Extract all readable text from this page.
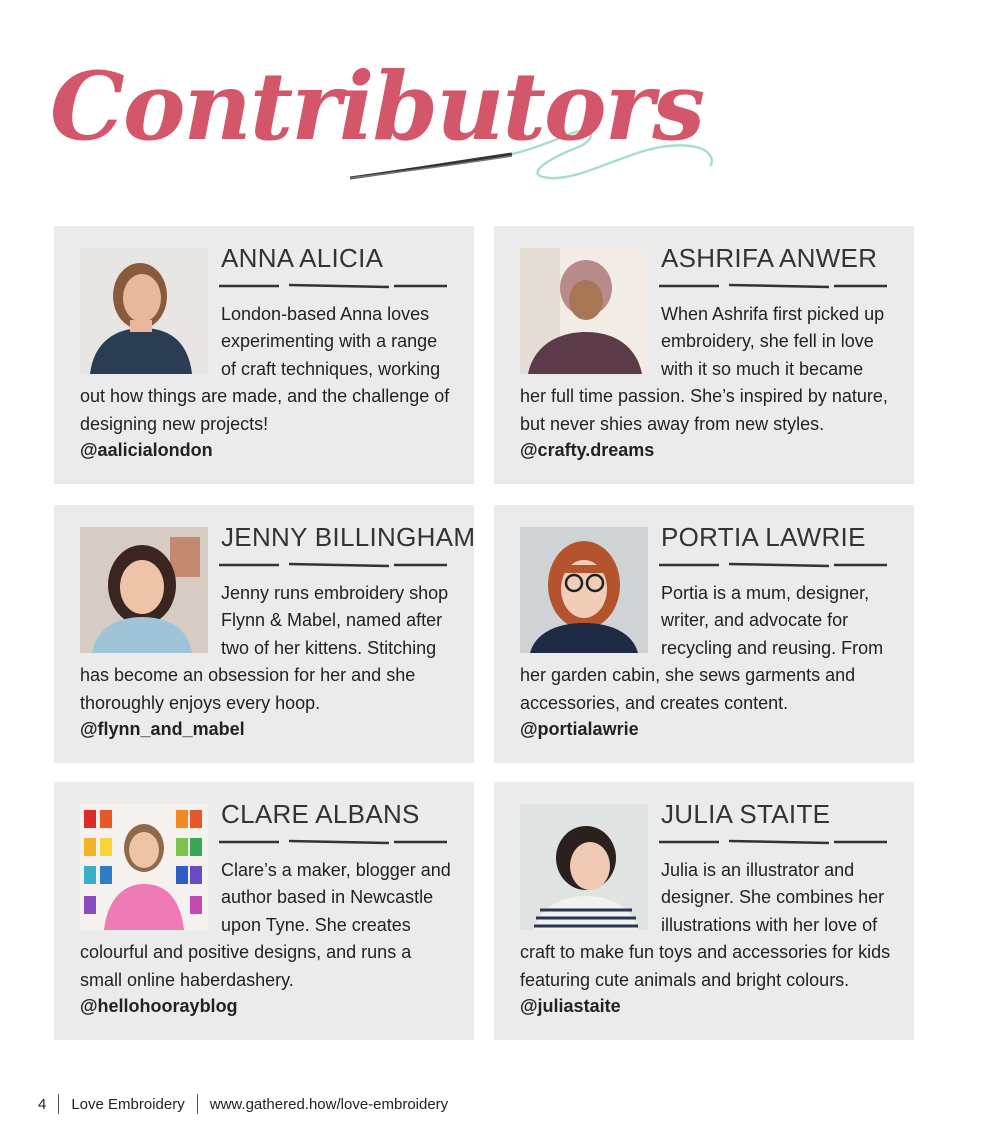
Contributors
ANNA ALICIA
London-based Anna loves experimenting with a range of craft techniques, working out how things are made, and the challenge of designing new projects!
@aalicialondon
ASHRIFA ANWER
When Ashrifa first picked up embroidery, she fell in love with it so much it became her full time passion. She’s inspired by nature, but never shies away from new styles.
@crafty.dreams
JENNY BILLINGHAM
Jenny runs embroidery shop Flynn & Mabel, named after two of her kittens. Stitching has become an obsession for her and she thoroughly enjoys every hoop.
@flynn_and_mabel
PORTIA LAWRIE
Portia is a mum, designer, writer, and advocate for recycling and reusing. From her garden cabin, she sews garments and accessories, and creates content.
@portialawrie
CLARE ALBANS
Clare’s a maker, blogger and author based in Newcastle upon Tyne. She creates colourful and positive designs, and runs a small online haberdashery.
@hellohoorayblog
JULIA STAITE
Julia is an illustrator and designer. She combines her illustrations with her love of craft to make fun toys and accessories for kids featuring cute animals and bright colours.
@juliastaite
4 Love Embroidery www.gathered.how/love-embroidery
